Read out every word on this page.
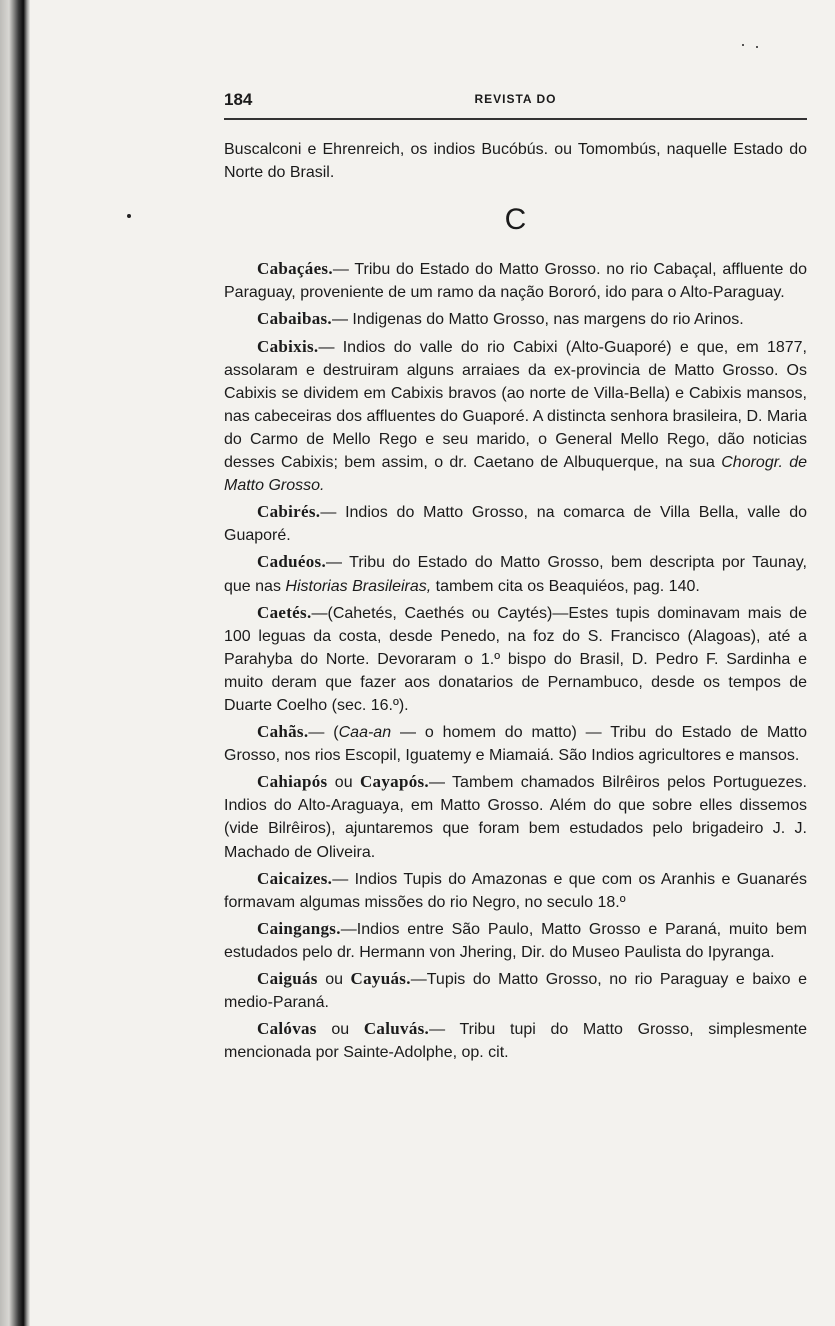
184	REVISTA DO

Buscalconi e Ehrenreich, os indios Bucóbús. ou Tomombús, naquelle Estado do Norte do Brasil.

C

Cabaçáes.— Tribu do Estado do Matto Grosso. no rio Cabaçal, affluente do Paraguay, proveniente de um ramo da nação Bororó, ido para o Alto-Paraguay.

Cabaibas.— Indigenas do Matto Grosso, nas margens do rio Arinos.

Cabixis.— Indios do valle do rio Cabixi (Alto-Guaporé) e que, em 1877, assolaram e destruiram alguns arraiaes da ex-provincia de Matto Grosso. Os Cabixis se dividem em Cabixis bravos (ao norte de Villa-Bella) e Cabixis mansos, nas cabeceiras dos affluentes do Guaporé. A distincta senhora brasileira, D. Maria do Carmo de Mello Rego e seu marido, o General Mello Rego, dão noticias desses Cabixis; bem assim, o dr. Caetano de Albuquerque, na sua Chorogr. de Matto Grosso.

Cabirés.— Indios do Matto Grosso, na comarca de Villa Bella, valle do Guaporé.

Caduéos.— Tribu do Estado do Matto Grosso, bem descripta por Taunay, que nas Historias Brasileiras, tambem cita os Beaquiéos, pag. 140.

Caetés.—(Cahetés, Caethés ou Caytés)—Estes tupis dominavam mais de 100 leguas da costa, desde Penedo, na foz do S. Francisco (Alagoas), até a Parahyba do Norte. Devoraram o 1.º bispo do Brasil, D. Pedro F. Sardinha e muito deram que fazer aos donatarios de Pernambuco, desde os tempos de Duarte Coelho (sec. 16.º).

Cahãs.— (Caa-an — o homem do matto) — Tribu do Estado de Matto Grosso, nos rios Escopil, Iguatemy e Miamaiá. São Indios agricultores e mansos.

Cahiapós ou Cayapós.— Tambem chamados Bilrêiros pelos Portuguezes. Indios do Alto-Araguaya, em Matto Grosso. Além do que sobre elles dissemos (vide Bilrêiros), ajuntaremos que foram bem estudados pelo brigadeiro J. J. Machado de Oliveira.

Caicaizes.— Indios Tupis do Amazonas e que com os Aranhis e Guanarés formavam algumas missões do rio Negro, no seculo 18.º

Caingangs.—Indios entre São Paulo, Matto Grosso e Paraná, muito bem estudados pelo dr. Hermann von Jhering, Dir. do Museo Paulista do Ipyranga.

Caiguás ou Cayuás.—Tupis do Matto Grosso, no rio Paraguay e baixo e medio-Paraná.

Calóvas ou Caluvás.— Tribu tupi do Matto Grosso, simplesmente mencionada por Sainte-Adolphe, op. cit.
